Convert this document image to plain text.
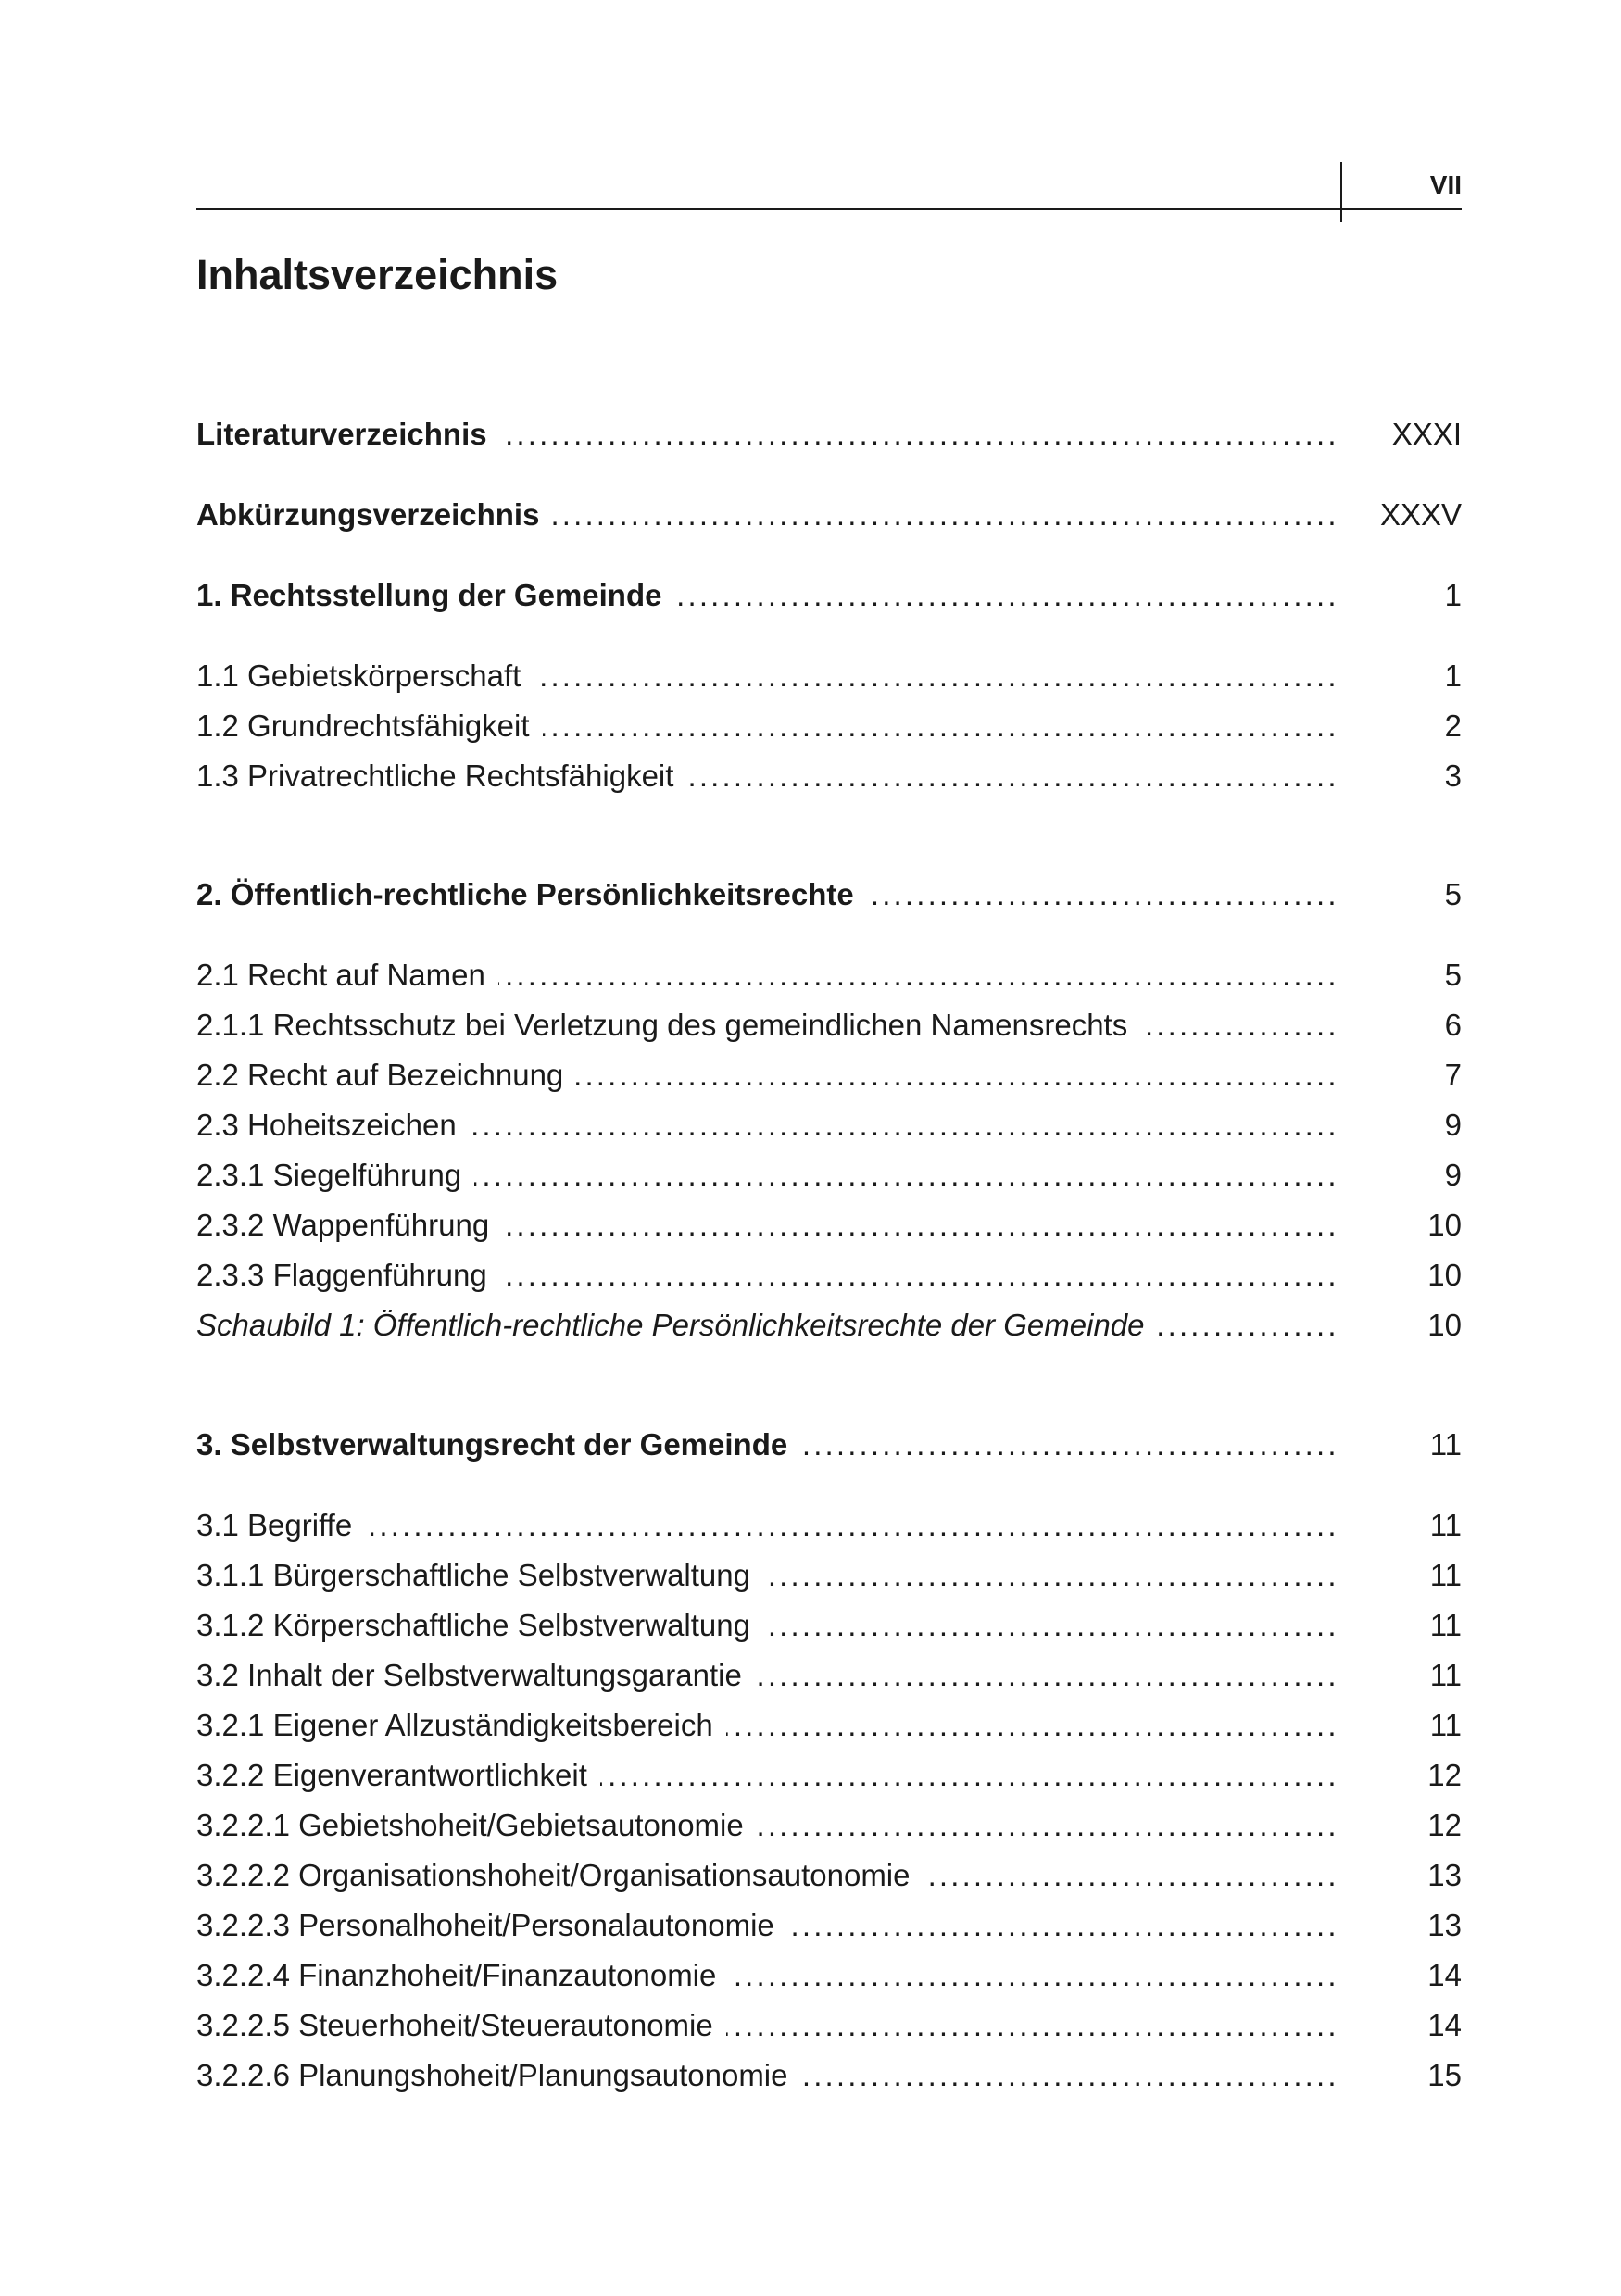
VII
Inhaltsverzeichnis
Literaturverzeichnis . . .	XXXI
Abkürzungsverzeichnis . . .	XXXV
1. Rechtsstellung der Gemeinde . . .	1
1.1 Gebietskörperschaft . . .	1
1.2 Grundrechtsfähigkeit . . .	2
1.3 Privatrechtliche Rechtsfähigkeit . . .	3
2. Öffentlich-rechtliche Persönlichkeitsrechte . . .	5
2.1 Recht auf Namen . . .	5
2.1.1 Rechtsschutz bei Verletzung des gemeindlichen Namensrechts . . .	6
2.2 Recht auf Bezeichnung . . .	7
2.3 Hoheitszeichen . . .	9
2.3.1 Siegelführung . . .	9
2.3.2 Wappenführung . . .	10
2.3.3 Flaggenführung . . .	10
Schaubild 1: Öffentlich-rechtliche Persönlichkeitsrechte der Gemeinde . . .	10
3. Selbstverwaltungsrecht der Gemeinde . . .	11
3.1 Begriffe . . .	11
3.1.1 Bürgerschaftliche Selbstverwaltung . . .	11
3.1.2 Körperschaftliche Selbstverwaltung . . .	11
3.2 Inhalt der Selbstverwaltungsgarantie . . .	11
3.2.1 Eigener Allzuständigkeitsbereich . . .	11
3.2.2 Eigenverantwortlichkeit . . .	12
3.2.2.1 Gebietshoheit/Gebietsautonomie . . .	12
3.2.2.2 Organisationshoheit/Organisationsautonomie . . .	13
3.2.2.3 Personalhoheit/Personalautonomie . . .	13
3.2.2.4 Finanzhoheit/Finanzautonomie . . .	14
3.2.2.5 Steuerhoheit/Steuerautonomie . . .	14
3.2.2.6 Planungshoheit/Planungsautonomie . . .	15
